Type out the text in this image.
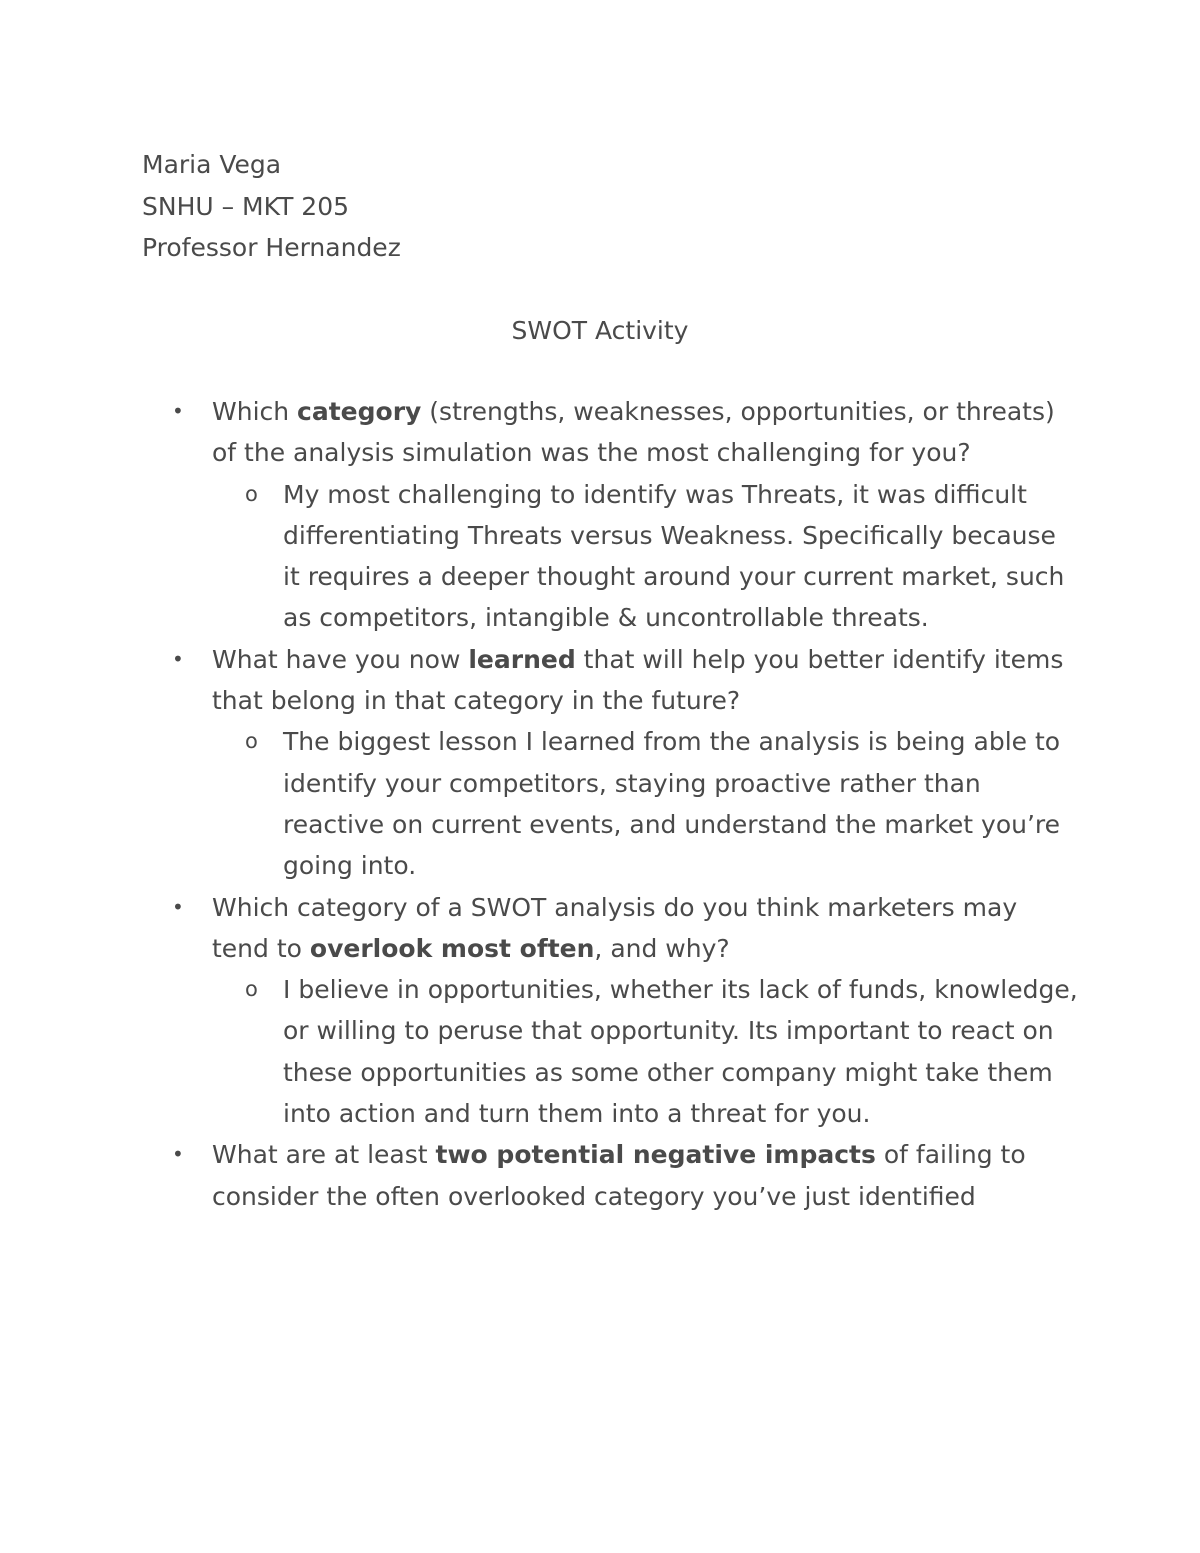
Maria Vega
SNHU – MKT 205
Professor Hernandez
SWOT Activity
•	Which category (strengths, weaknesses, opportunities, or threats) of the analysis simulation was the most challenging for you?
o My most challenging to identify was Threats, it was difficult differentiating Threats versus Weakness. Specifically because it requires a deeper thought around your current market, such as competitors, intangible & uncontrollable threats.
•	What have you now learned that will help you better identify items that belong in that category in the future?
o The biggest lesson I learned from the analysis is being able to identify your competitors, staying proactive rather than reactive on current events, and understand the market you’re going into.
•	Which category of a SWOT analysis do you think marketers may tend to overlook most often, and why?
o I believe in opportunities, whether its lack of funds, knowledge, or willing to peruse that opportunity. Its important to react on these opportunities as some other company might take them into action and turn them into a threat for you.
•	What are at least two potential negative impacts of failing to consider the often overlooked category you’ve just identified
